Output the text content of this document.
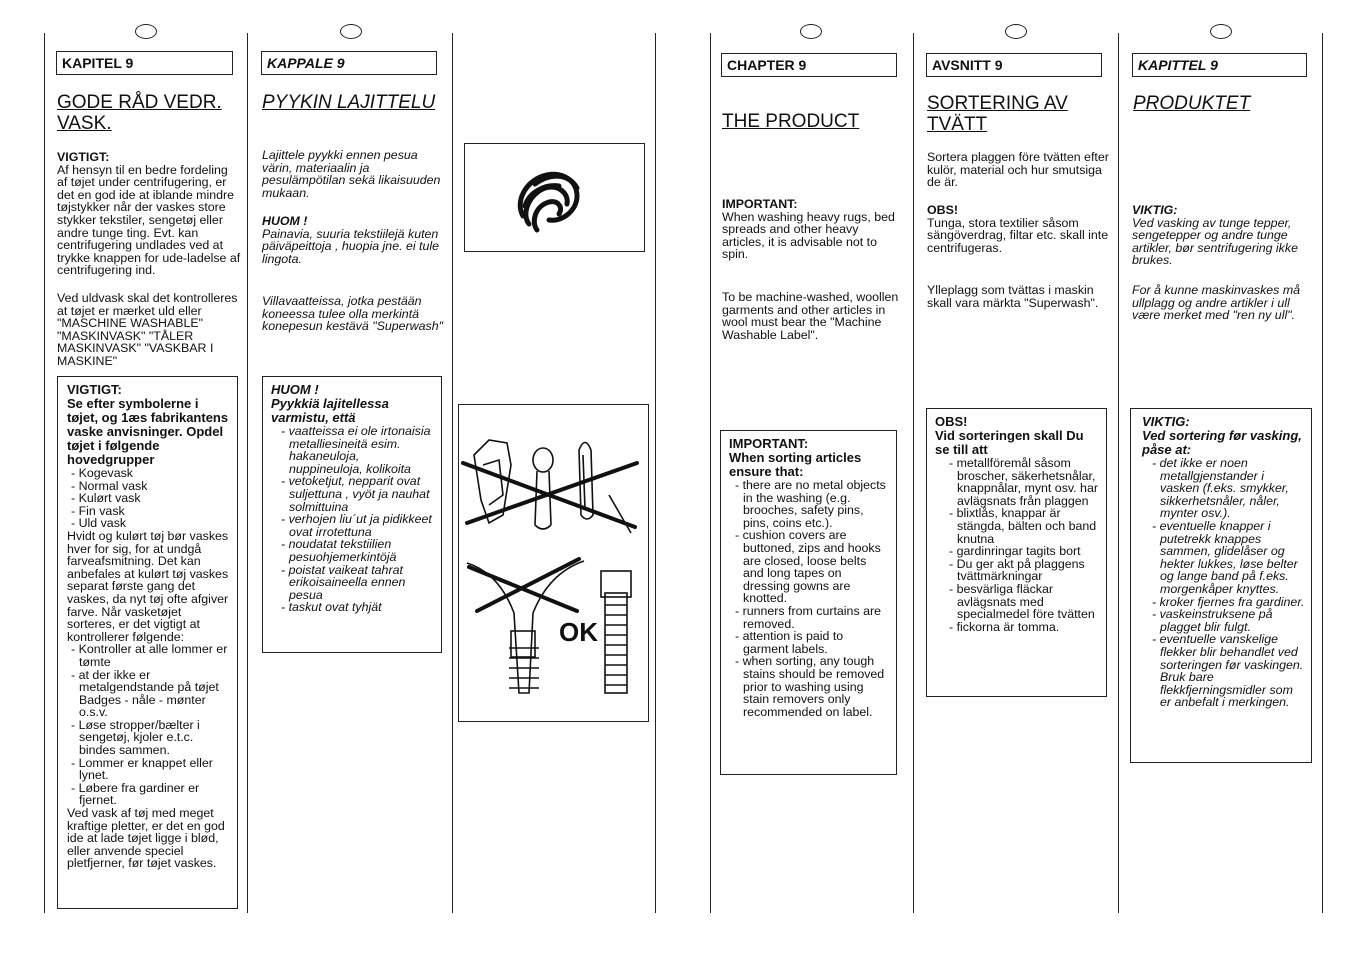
KAPITEL 9
GODE RÅD VEDR. VASK.
VIGTIGT:
Af hensyn til en bedre fordeling af tøjet under centrifugering, er det en god ide at iblande mindre tøjstykker når der vaskes store stykker tekstiler, sengetøj eller andre tunge ting. Evt. kan centrifugering undlades ved at trykke knappen for ude-ladelse af centrifugering ind.
Ved uldvask skal det kontrolleres at tøjet er mærket uld eller "MASCHINE WASHABLE" "MASKINVASK" "TÅLER MASKINVASK" "VASKBAR I MASKINE"
VIGTIGT:
Se efter symbolerne i tøjet, og 1æs fabrikantens vaske anvisninger. Opdel tøjet i følgende hovedgrupper
- Kogevask
- Normal vask
- Kulørt vask
- Fin vask
- Uld vask

Hvidt og kulørt tøj bør vaskes hver for sig, for at undgå farveafsmitning. Det kan anbefales at kulørt tøj vaskes separat første gang det vaskes, da nyt tøj ofte afgiver farve. Når vasketøjet sorteres, er det vigtigt at kontrollerer følgende:

- Kontroller at alle lommer er tømte
- at der ikke er metalgendstande på tøjet Badges - nåle - mønter o.s.v.
- Løse stropper/bælter i sengetøj, kjoler e.t.c. bindes sammen.
- Lommer er knappet eller lynet.
- Løbere fra gardiner er fjernet.

Ved vask af tøj med meget kraftige pletter, er det en god ide at lade tøjet ligge i blød, eller anvende speciel pletfjerner, før tøjet vaskes.

KAPPALE 9
PYYKIN LAJITTELU
Lajittele pyykki ennen pesua värin, materiaalin ja pesulämpötilan sekä likaisuuden mukaan.
HUOM !
Painavia, suuria tekstiilejä kuten päiväpeittoja , huopia jne. ei tule lingota.
Villavaatteissa, jotka pestään koneessa tulee olla merkintä konepesun kestävä "Superwash"
HUOM !
Pyykkiä lajitellessa varmistu, että
- vaatteissa ei ole irtonaisia metalliesineitä esim. hakaneuloja, nuppineuloja, kolikoita
- vetoketjut, nepparit ovat suljettuna , vyöt ja nauhat solmittuina
- verhojen liu´ut ja pidikkeet ovat irrotettuna
- noudatat tekstiilien pesuohjemerkintöjä
- poistat vaikeat tahrat erikoisaineella ennen pesua
- taskut ovat tyhjät
OK
CHAPTER 9
THE PRODUCT
IMPORTANT:
When washing heavy rugs, bed spreads and other heavy articles, it is advisable not to spin.
To be machine-washed, woollen garments and other articles in wool must bear the "Machine Washable Label".
IMPORTANT:
When sorting articles ensure that:
- there are no metal objects in the washing (e.g. brooches, safety pins, pins, coins etc.).
- cushion covers are buttoned, zips and hooks are closed, loose belts and long tapes on dressing gowns are knotted.
- runners from curtains are removed.
- attention is paid to garment labels.
- when sorting, any tough stains should be removed prior to washing using stain removers only recommended on label.
AVSNITT 9
SORTERING AV TVÄTT
Sortera plaggen före tvätten efter kulör, material och hur smutsiga de är.
OBS!
Tunga, stora textilier såsom sängöverdrag, filtar etc. skall inte centrifugeras.
Ylleplagg som tvättas i maskin skall vara märkta "Superwash".
OBS!
Vid sorteringen skall Du se till att
- metallföremål såsom broscher, säkerhetsnålar, knappnålar, mynt osv. har avlägsnats från plaggen
- blixtlås, knappar är stängda, bälten och band knutna
- gardinringar tagits bort
- Du ger akt på plaggens tvättmärkningar
- besvärliga fläckar avlägsnats med specialmedel före tvätten
- fickorna är tomma.
KAPITTEL 9
PRODUKTET
VIKTIG:
Ved vasking av tunge tepper, sengetepper og andre tunge artikler, bør sentrifugering ikke brukes.
For å kunne maskinvaskes må ullplagg og andre artikler i ull være merket med "ren ny ull".
VIKTIG:
Ved sortering før vasking, påse at:
- det ikke er noen metallgjenstander i vasken (f.eks. smykker, sikkerhetsnåler, nåler, mynter osv.).
- eventuelle knapper i putetrekk knappes sammen, glidelåser og hekter lukkes, løse belter og lange band på f.eks. morgenkåper knyttes.
- kroker fjernes fra gardiner.
- vaskeinstruksene på plagget blir fulgt.
- eventuelle vanskelige flekker blir behandlet ved sorteringen før vaskingen. Bruk bare flekkfjerningsmidler som er anbefalt i merkingen.
